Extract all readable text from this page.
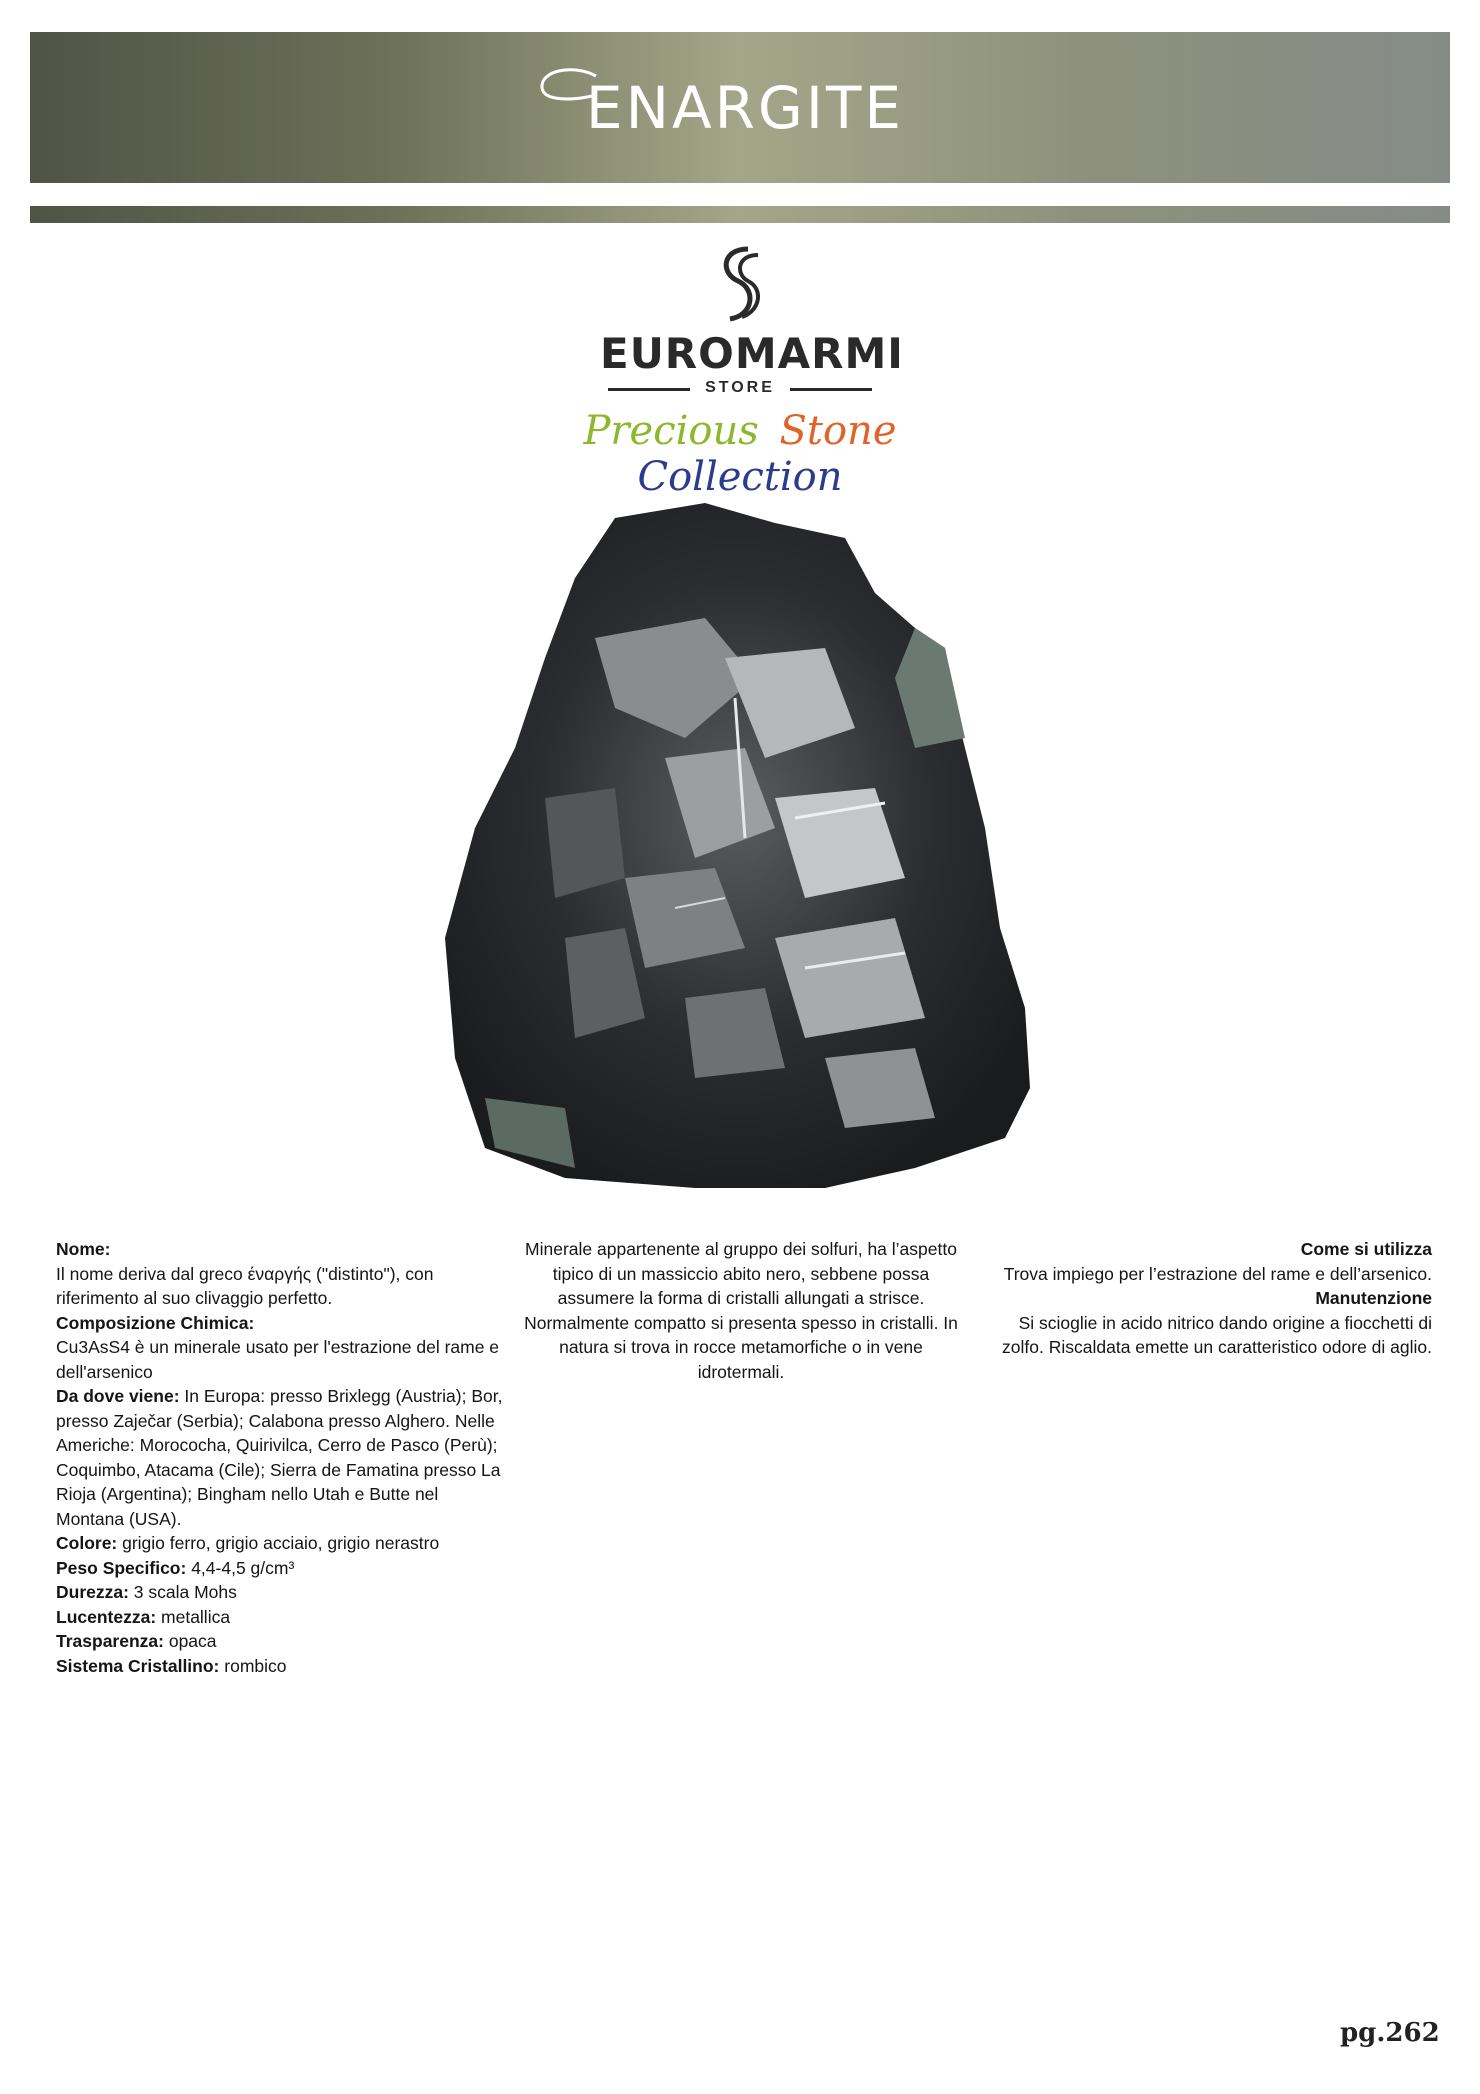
ENARGITE
EUROMARMI
STORE
Precious Stone Collection

Nome:

Il nome deriva dal greco έναργής ("distinto"), con riferimento al suo clivaggio perfetto.

Composizione Chimica:

Cu3AsS4 è un minerale usato per l'estrazione del rame e dell'arsenico

Da dove viene: In Europa: presso Brixlegg (Austria); Bor, presso Zaječar (Serbia); Calabona presso Alghero. Nelle Americhe: Morococha, Quirivilca, Cerro de Pasco (Perù); Coquimbo, Atacama (Cile); Sierra de Famatina presso La Rioja (Argentina); Bingham nello Utah e Butte nel Montana (USA).

Colore: grigio ferro, grigio acciaio, grigio nerastro

Peso Specifico: 4,4-4,5 g/cm³

Durezza: 3 scala Mohs

Lucentezza: metallica

Trasparenza: opaca

Sistema Cristallino: rombico

Minerale appartenente al gruppo dei solfuri, ha l’aspetto tipico di un massiccio abito nero, sebbene possa assumere la forma di cristalli allungati a strisce. Normalmente compatto si presenta spesso in cristalli. In natura si trova in rocce metamorfiche o in vene idrotermali.

Come si utilizza

Trova impiego per l’estrazione del rame e dell’arsenico.

Manutenzione

Si scioglie in acido nitrico dando origine a fiocchetti di zolfo. Riscaldata emette un caratteristico odore di aglio.

pg.262
